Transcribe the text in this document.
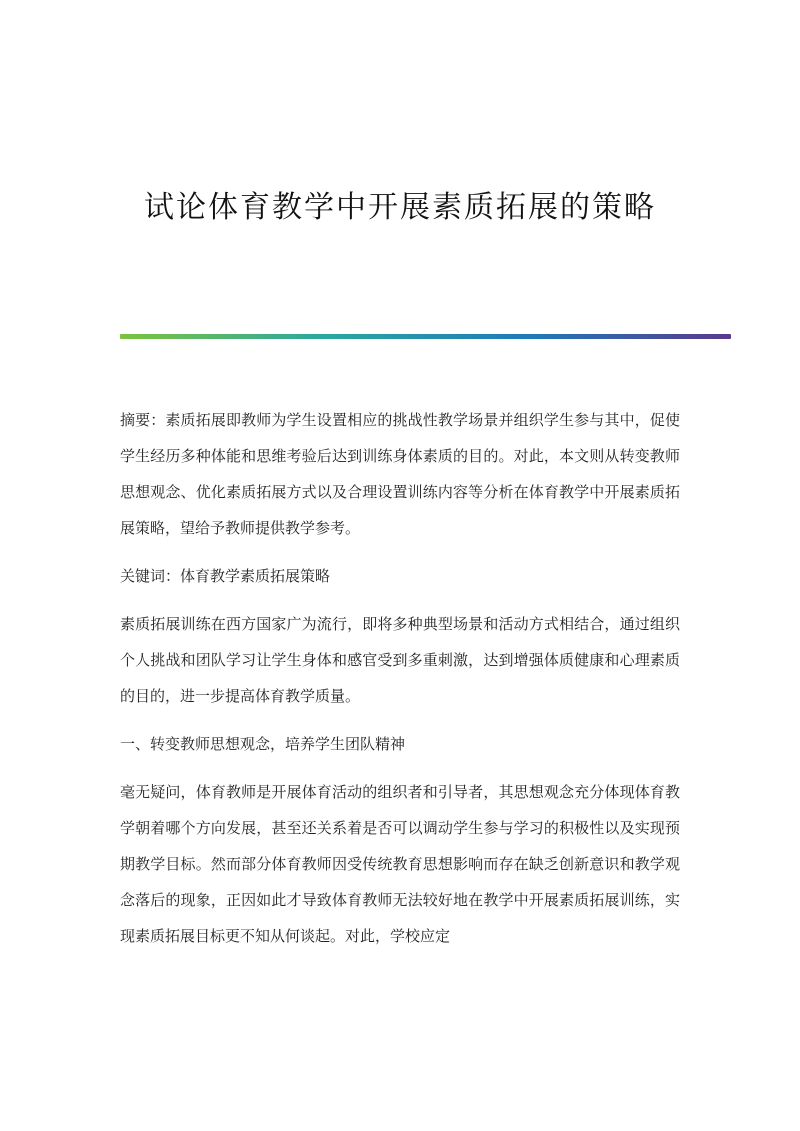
试论体育教学中开展素质拓展的策略

摘要：素质拓展即教师为学生设置相应的挑战性教学场景并组织学生参与其中，促使学生经历多种体能和思维考验后达到训练身体素质的目的。对此，本文则从转变教师思想观念、优化素质拓展方式以及合理设置训练内容等分析在体育教学中开展素质拓展策略，望给予教师提供教学参考。

关键词：体育教学素质拓展策略

素质拓展训练在西方国家广为流行，即将多种典型场景和活动方式相结合，通过组织个人挑战和团队学习让学生身体和感官受到多重刺激，达到增强体质健康和心理素质的目的，进一步提高体育教学质量。

一、转变教师思想观念，培养学生团队精神

毫无疑问，体育教师是开展体育活动的组织者和引导者，其思想观念充分体现体育教学朝着哪个方向发展，甚至还关系着是否可以调动学生参与学习的积极性以及实现预期教学目标。然而部分体育教师因受传统教育思想影响而存在缺乏创新意识和教学观念落后的现象，正因如此才导致体育教师无法较好地在教学中开展素质拓展训练，实现素质拓展目标更不知从何谈起。对此，学校应定
